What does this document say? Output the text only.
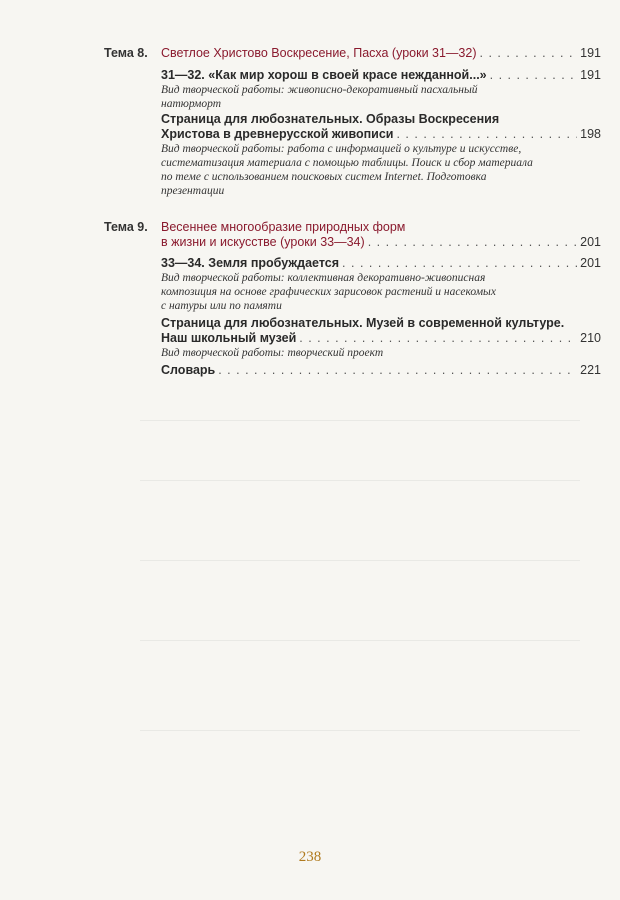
Тема 8.	Светлое Христово Воскресение, Пасха (уроки 31—32) . . .	191
31—32. «Как мир хорош в своей красе нежданной...» . . .	191
Вид творческой работы: живописно-декоративный пасхальный
натюрморт
Страница для любознательных. Образы Воскресения
Христова в древнерусской живописи . . .	198
Вид творческой работы: работа с информацией о культуре и искусстве,
систематизация материала с помощью таблицы. Поиск и сбор материала
по теме с использованием поисковых систем Internet. Подготовка
презентации
Тема 9.	Весеннее многообразие природных форм
в жизни и искусстве (уроки 33—34) . . .	201
33—34. Земля пробуждается . . .	201
Вид творческой работы: коллективная декоративно-живописная
композиция на основе графических зарисовок растений и насекомых
с натуры или по памяти
Страница для любознательных. Музей в современной культуре.
Наш школьный музей . . .	210
Вид творческой работы: творческий проект
Словарь . . .	221
238
